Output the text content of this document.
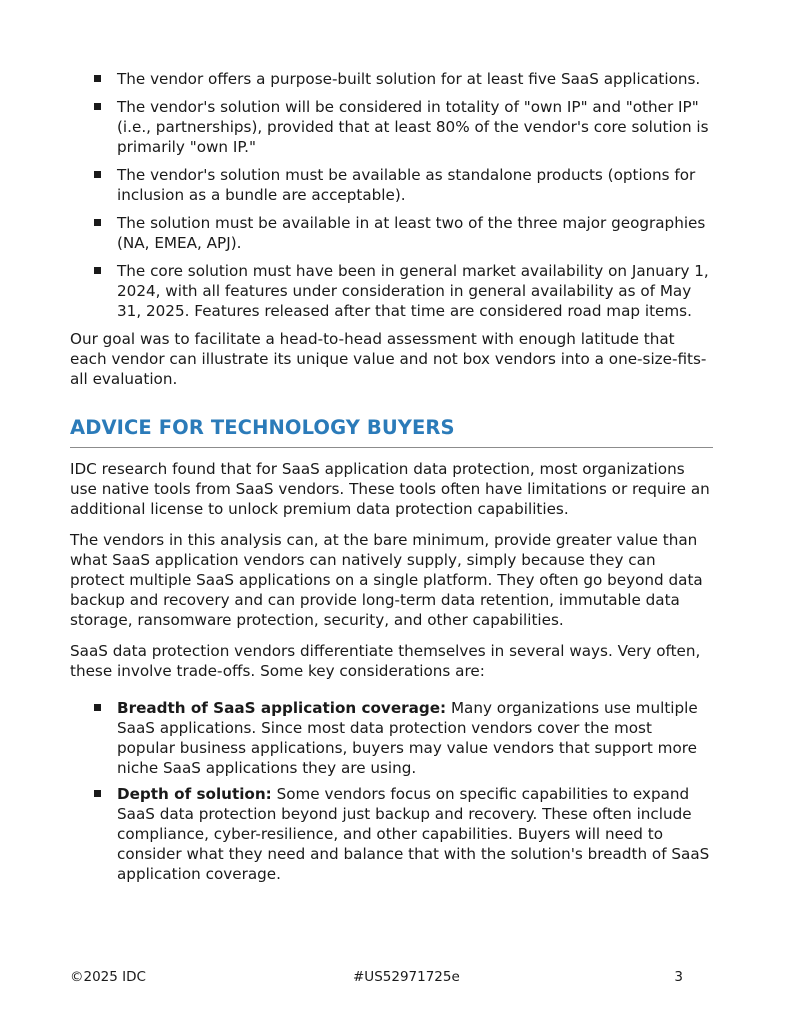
The vendor offers a purpose-built solution for at least five SaaS applications.
The vendor's solution will be considered in totality of "own IP" and "other IP" (i.e., partnerships), provided that at least 80% of the vendor's core solution is primarily "own IP."
The vendor's solution must be available as standalone products (options for inclusion as a bundle are acceptable).
The solution must be available in at least two of the three major geographies (NA, EMEA, APJ).
The core solution must have been in general market availability on January 1, 2024, with all features under consideration in general availability as of May 31, 2025. Features released after that time are considered road map items.

Our goal was to facilitate a head-to-head assessment with enough latitude that each vendor can illustrate its unique value and not box vendors into a one-size-fits-all evaluation.

ADVICE FOR TECHNOLOGY BUYERS

IDC research found that for SaaS application data protection, most organizations use native tools from SaaS vendors. These tools often have limitations or require an additional license to unlock premium data protection capabilities.

The vendors in this analysis can, at the bare minimum, provide greater value than what SaaS application vendors can natively supply, simply because they can protect multiple SaaS applications on a single platform. They often go beyond data backup and recovery and can provide long-term data retention, immutable data storage, ransomware protection, security, and other capabilities.

SaaS data protection vendors differentiate themselves in several ways. Very often, these involve trade-offs. Some key considerations are:

Breadth of SaaS application coverage: Many organizations use multiple SaaS applications. Since most data protection vendors cover the most popular business applications, buyers may value vendors that support more niche SaaS applications they are using.
Depth of solution: Some vendors focus on specific capabilities to expand SaaS data protection beyond just backup and recovery. These often include compliance, cyber-resilience, and other capabilities. Buyers will need to consider what they need and balance that with the solution's breadth of SaaS application coverage.
©2025 IDC	#US52971725e	3
